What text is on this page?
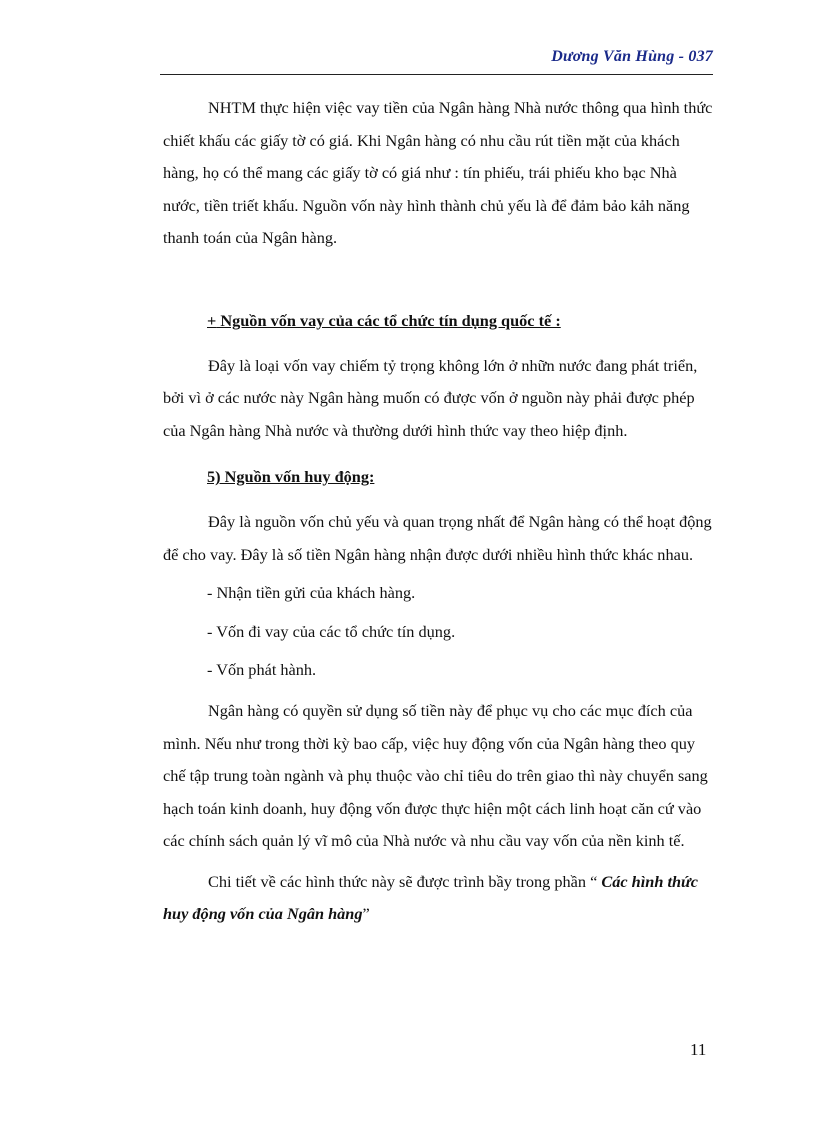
Dương Văn Hùng - 037

NHTM thực hiện việc vay tiền của Ngân hàng Nhà nước thông qua hình thức chiết khấu các giấy tờ có giá. Khi Ngân hàng có nhu cầu rút tiền mặt của khách hàng, họ có thể mang các giấy tờ có giá như : tín phiếu, trái phiếu kho bạc Nhà nước, tiền triết khấu. Nguồn vốn này hình thành chủ yếu là để đảm bảo kảh năng thanh toán của Ngân hàng.

+ Nguồn vốn vay của các tổ chức tín dụng quốc tế :

Đây là loại vốn vay chiếm tỷ trọng không lớn ở nhữn nước đang phát triển, bởi vì ở các nước này Ngân hàng muốn có được vốn ở nguồn này phải được phép của Ngân hàng Nhà nước và thường dưới hình thức vay theo hiệp định.

5) Nguồn vốn huy động:

Đây là nguồn vốn chủ yếu và quan trọng nhất để Ngân hàng có thể hoạt động để cho vay. Đây là số tiền Ngân hàng nhận được dưới nhiều hình thức khác nhau.

- Nhận tiền gửi của khách hàng.

- Vốn đi vay của các tổ chức tín dụng.

- Vốn phát hành.

Ngân hàng có quyền sử dụng số tiền này để phục vụ cho các mục đích của mình. Nếu như trong thời kỳ bao cấp, việc huy động vốn của Ngân hàng theo quy chế tập trung toàn ngành và phụ thuộc vào chỉ tiêu do trên giao thì này chuyển sang hạch toán kinh doanh, huy động vốn được thực hiện một cách linh hoạt căn cứ vào các chính sách quản lý vĩ mô của Nhà nước và nhu cầu vay vốn của nền kinh tế.

Chi tiết về các hình thức này sẽ được trình bầy trong phần “ Các hình thức huy động vốn của Ngân hàng”

11
